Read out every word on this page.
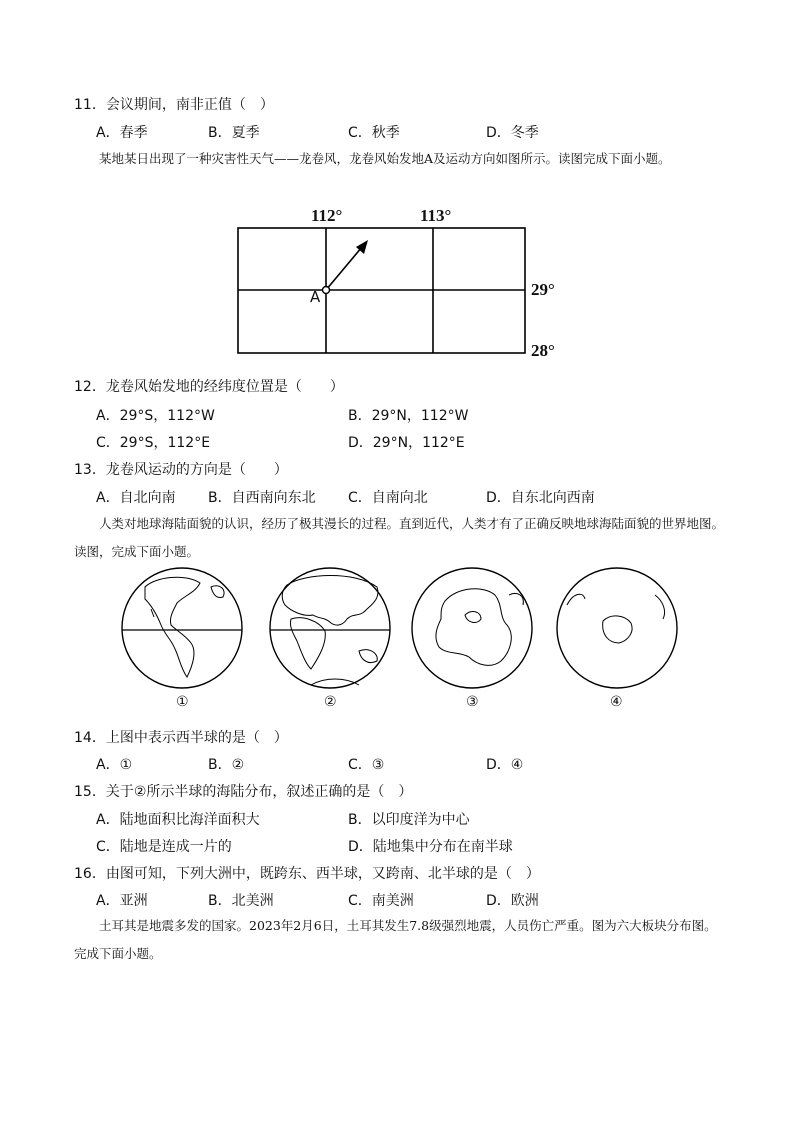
11．会议期间，南非正值（　）
A．春季	B．夏季	C．秋季	D．冬季
某地某日出现了一种灾害性天气——龙卷风，龙卷风始发地A及运动方向如图所示。读图完成下面小题。
112°	113°
29°
28°
A
12．龙卷风始发地的经纬度位置是（　　）
A．29°S，112°W	B．29°N，112°W
C．29°S，112°E	D．29°N，112°E
13．龙卷风运动的方向是（　　）
A．自北向南 B．自西南向东北 C．自南向北	D．自东北向西南
人类对地球海陆面貌的认识，经历了极其漫长的过程。直到近代，人类才有了正确反映地球海陆面貌的世界地图。读图，完成下面小题。
①	②	③	④
14．上图中表示西半球的是（　）
A．①	B．②	C．③	D．④
15．关于②所示半球的海陆分布，叙述正确的是（　）
A．陆地面积比海洋面积大	B．以印度洋为中心
C．陆地是连成一片的	D．陆地集中分布在南半球
16．由图可知，下列大洲中，既跨东、西半球，又跨南、北半球的是（　）
A．亚洲	B．北美洲	C．南美洲	D．欧洲
土耳其是地震多发的国家。2023年2月6日，土耳其发生7.8级强烈地震，人员伤亡严重。图为六大板块分布图。完成下面小题。
